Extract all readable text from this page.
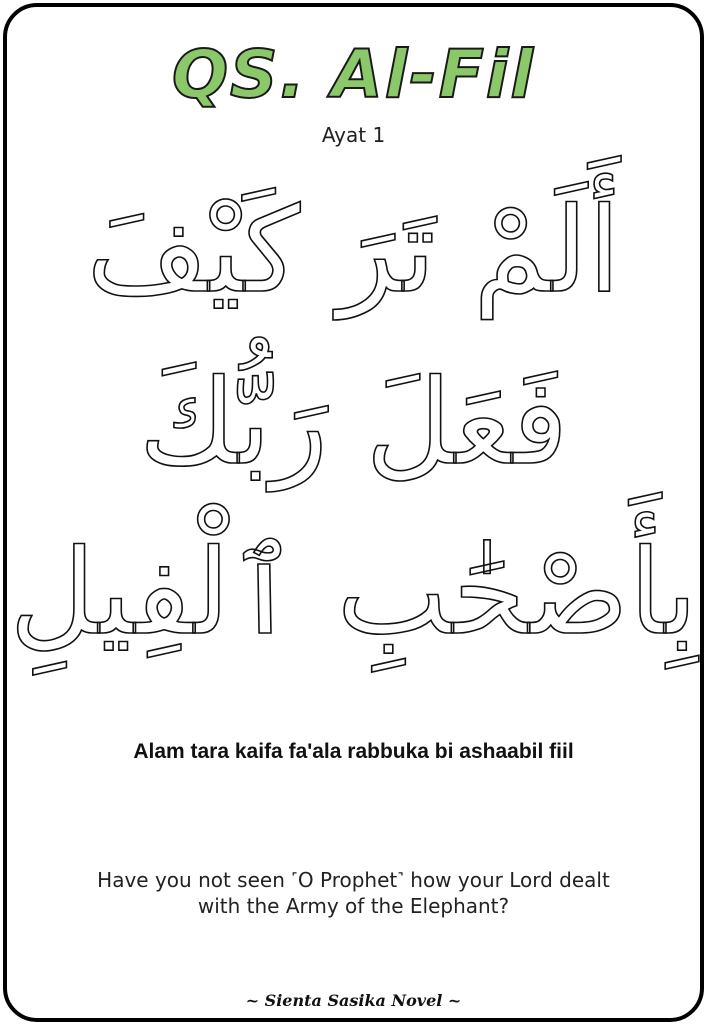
QS. Al-Fil
Ayat 1
أَلَمْ تَرَ كَيْفَ
فَعَلَ رَبُّكَ
بِأَصْحَٰبِ ٱلْفِيلِ
Alam tara kaifa fa'ala rabbuka bi ashaabil fiil
Have you not seen ˹O Prophet˺ how your Lord dealt
with the Army of the Elephant?
~ Sienta Sasika Novel ~
